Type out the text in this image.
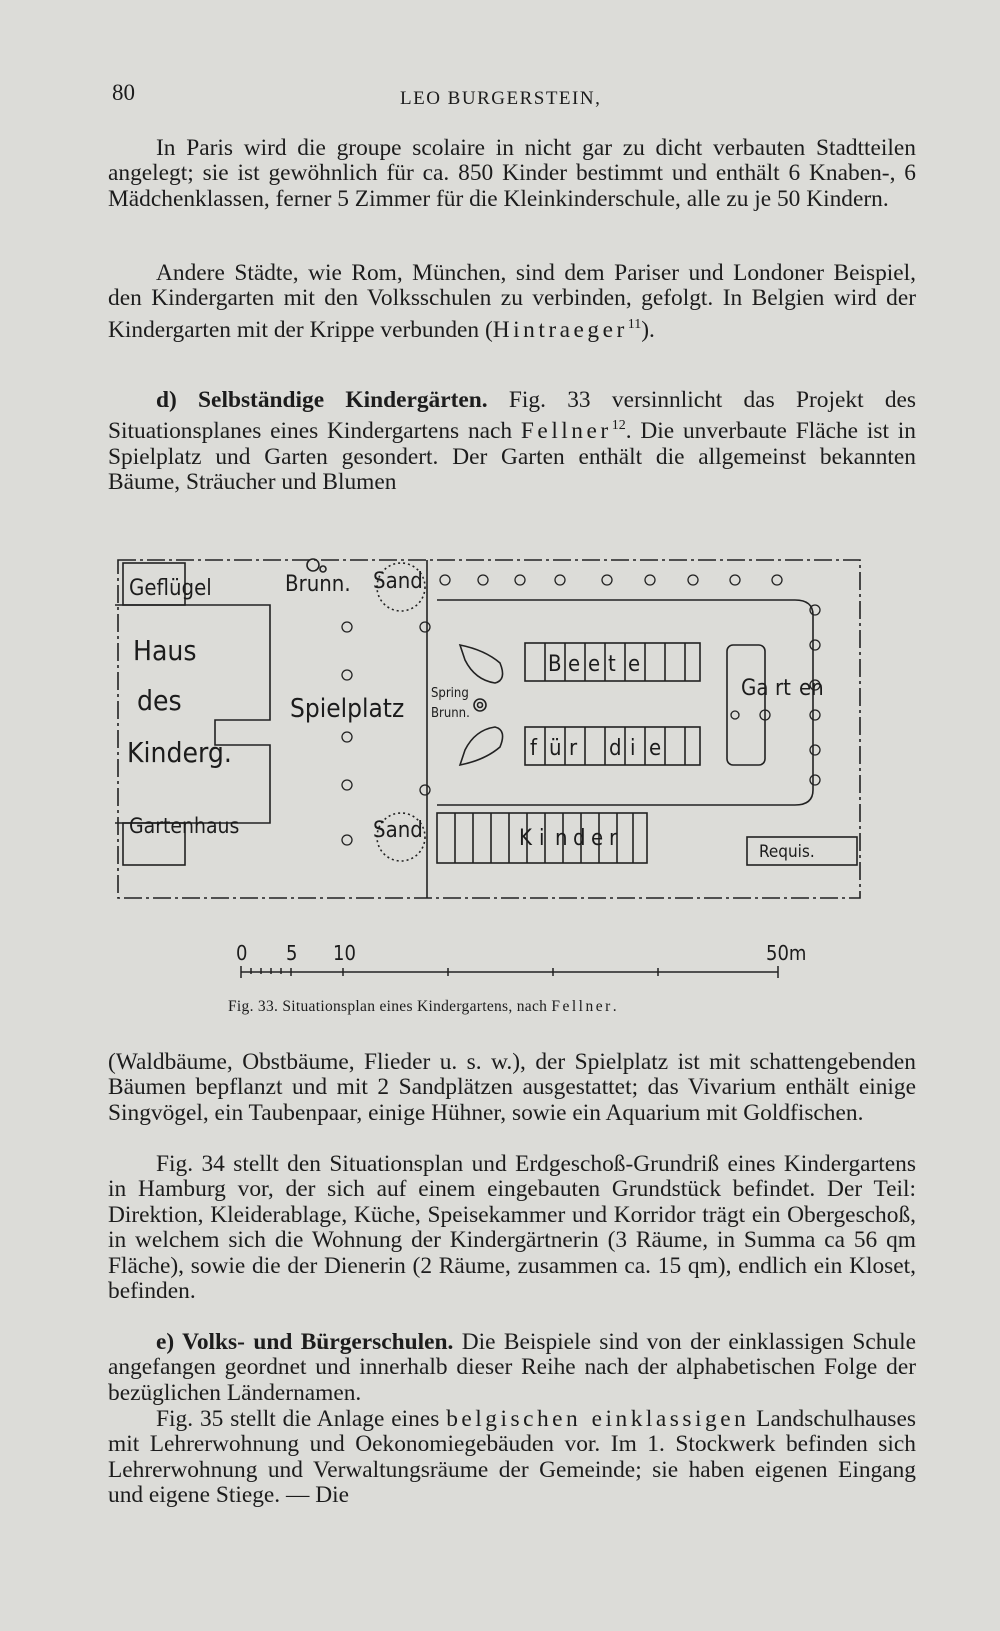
80	LEO BURGERSTEIN,
In Paris wird die groupe scolaire in nicht gar zu dicht verbauten Stadtteilen angelegt; sie ist gewöhnlich für ca. 850 Kinder bestimmt und enthält 6 Knaben-, 6 Mädchenklassen, ferner 5 Zimmer für die Kleinkinderschule, alle zu je 50 Kindern.
Andere Städte, wie Rom, München, sind dem Pariser und Londoner Beispiel, den Kindergarten mit den Volksschulen zu verbinden, gefolgt. In Belgien wird der Kindergarten mit der Krippe verbunden (Hintraeger$^{11}$).
d) Selbständige Kindergärten. Fig. 33 versinnlicht das Projekt des Situationsplanes eines Kindergartens nach Fellner$^{12}$. Die unverbaute Fläche ist in Spielplatz und Garten gesondert. Der Garten enthält die allgemeinst bekannten Bäume, Sträucher und Blumen
Geflügel	Brunn. Sand
Haus
des
Kinderg.
Spielplatz
Spring
Brunn.
Gartenhaus	Sand
Requis.
B e e t e
f ü r d i e
K i n d e r
Ga rt en
0 5 10	50m
Fig. 33. Situationsplan eines Kindergartens, nach Fellner.
(Waldbäume, Obstbäume, Flieder u. s. w.), der Spielplatz ist mit schattengebenden Bäumen bepflanzt und mit 2 Sandplätzen ausgestattet; das Vivarium enthält einige Singvögel, ein Taubenpaar, einige Hühner, sowie ein Aquarium mit Goldfischen.
Fig. 34 stellt den Situationsplan und Erdgeschoß-Grundriß eines Kindergartens in Hamburg vor, der sich auf einem eingebauten Grundstück befindet. Der Teil: Direktion, Kleiderablage, Küche, Speisekammer und Korridor trägt ein Obergeschoß, in welchem sich die Wohnung der Kindergärtnerin (3 Räume, in Summa ca 56 qm Fläche), sowie die der Dienerin (2 Räume, zusammen ca. 15 qm), endlich ein Kloset, befinden.
e) Volks- und Bürgerschulen. Die Beispiele sind von der einklassigen Schule angefangen geordnet und innerhalb dieser Reihe nach der alphabetischen Folge der bezüglichen Ländernamen.
Fig. 35 stellt die Anlage eines belgischen einklassigen Landschulhauses mit Lehrerwohnung und Oekonomiegebäuden vor. Im 1. Stockwerk befinden sich Lehrerwohnung und Verwaltungsräume der Gemeinde; sie haben eigenen Eingang und eigene Stiege. — Die
